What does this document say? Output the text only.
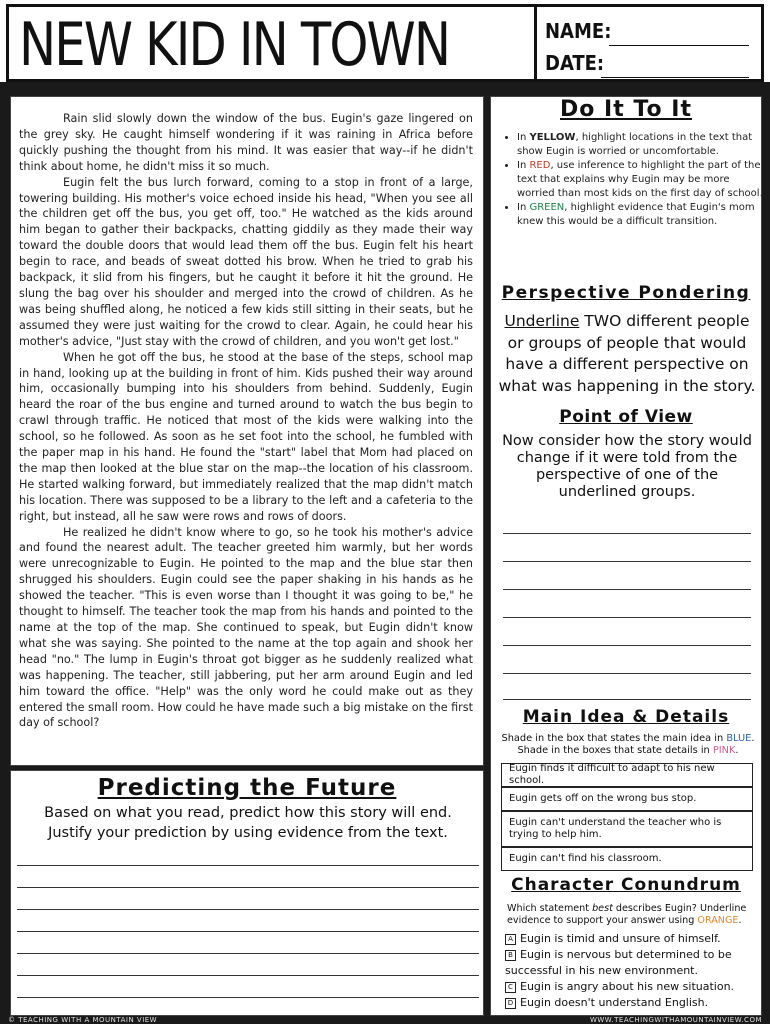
NEW KID IN TOWN	NAME:
DATE:

Rain slid slowly down the window of the bus. Eugin's gaze lingered on the grey sky. He caught himself wondering if it was raining in Africa before quickly pushing the thought from his mind. It was easier that way--if he didn't think about home, he didn't miss it so much.

Eugin felt the bus lurch forward, coming to a stop in front of a large, towering building. His mother's voice echoed inside his head, "When you see all the children get off the bus, you get off, too." He watched as the kids around him began to gather their backpacks, chatting giddily as they made their way toward the double doors that would lead them off the bus. Eugin felt his heart begin to race, and beads of sweat dotted his brow. When he tried to grab his backpack, it slid from his fingers, but he caught it before it hit the ground. He slung the bag over his shoulder and merged into the crowd of children. As he was being shuffled along, he noticed a few kids still sitting in their seats, but he assumed they were just waiting for the crowd to clear. Again, he could hear his mother's advice, "Just stay with the crowd of children, and you won't get lost."

When he got off the bus, he stood at the base of the steps, school map in hand, looking up at the building in front of him. Kids pushed their way around him, occasionally bumping into his shoulders from behind. Suddenly, Eugin heard the roar of the bus engine and turned around to watch the bus begin to crawl through traffic. He noticed that most of the kids were walking into the school, so he followed. As soon as he set foot into the school, he fumbled with the paper map in his hand. He found the "start" label that Mom had placed on the map then looked at the blue star on the map--the location of his classroom. He started walking forward, but immediately realized that the map didn't match his location. There was supposed to be a library to the left and a cafeteria to the right, but instead, all he saw were rows and rows of doors.

He realized he didn't know where to go, so he took his mother's advice and found the nearest adult. The teacher greeted him warmly, but her words were unrecognizable to Eugin. He pointed to the map and the blue star then shrugged his shoulders. Eugin could see the paper shaking in his hands as he showed the teacher. "This is even worse than I thought it was going to be," he thought to himself. The teacher took the map from his hands and pointed to the name at the top of the map. She continued to speak, but Eugin didn't know what she was saying. She pointed to the name at the top again and shook her head "no." The lump in Eugin's throat got bigger as he suddenly realized what was happening. The teacher, still jabbering, put her arm around Eugin and led him toward the office. "Help" was the only word he could make out as they entered the small room. How could he have made such a big mistake on the first day of school?

Do It To It
• In YELLOW, highlight locations in the text that show Eugin is worried or uncomfortable.
• In RED, use inference to highlight the part of the text that explains why Eugin may be more worried than most kids on the first day of school.
• In GREEN, highlight evidence that Eugin's mom knew this would be a difficult transition.
Perspective Pondering
Underline TWO different people or groups of people that would have a different perspective on what was happening in the story.
Point of View
Now consider how the story would change if it were told from the perspective of one of the underlined groups.
Main Idea & Details
Shade in the box that states the main idea in BLUE. Shade in the boxes that state details in PINK.
Eugin finds it difficult to adapt to his new school.
Eugin gets off on the wrong bus stop.
Eugin can't understand the teacher who is trying to help him.
Eugin can't find his classroom.
Character Conundrum
Which statement best describes Eugin? Underline evidence to support your answer using ORANGE.

A Eugin is timid and unsure of himself.

B Eugin is nervous but determined to be successful in his new environment.

C Eugin is angry about his new situation.

D Eugin doesn't understand English.

Predicting the Future
Based on what you read, predict how this story will end. Justify your prediction by using evidence from the text.
© TEACHING WITH A MOUNTAIN VIEW	WWW.TEACHINGWITHAMOUNTAINVIEW.COM
